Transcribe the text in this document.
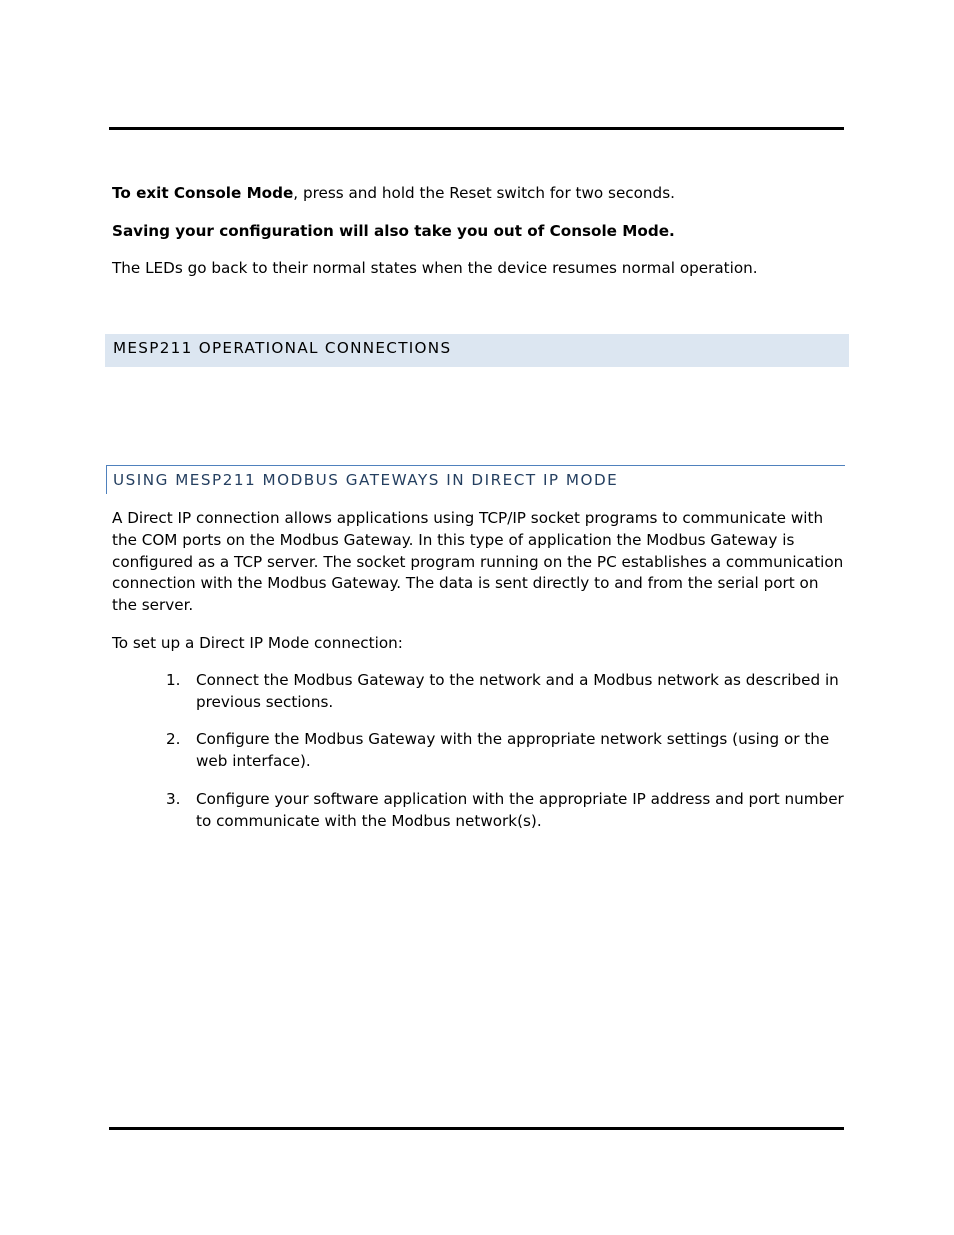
To exit Console Mode, press and hold the Reset switch for two seconds.

Saving your configuration will also take you out of Console Mode.

The LEDs go back to their normal states when the device resumes normal operation.

MESP211 OPERATIONAL CONNECTIONS
USING MESP211 MODBUS GATEWAYS IN DIRECT IP MODE

A Direct IP connection allows applications using TCP/IP socket programs to communicate with the COM ports on the Modbus Gateway. In this type of application the Modbus Gateway is configured as a TCP server. The socket program running on the PC establishes a communication connection with the Modbus Gateway. The data is sent directly to and from the serial port on the server.

To set up a Direct IP Mode connection:

1.	Connect the Modbus Gateway to the network and a Modbus network as described in previous sections.
2.	Configure the Modbus Gateway with the appropriate network settings (using or the web interface).
3.	Configure your software application with the appropriate IP address and port number to communicate with the Modbus network(s).
